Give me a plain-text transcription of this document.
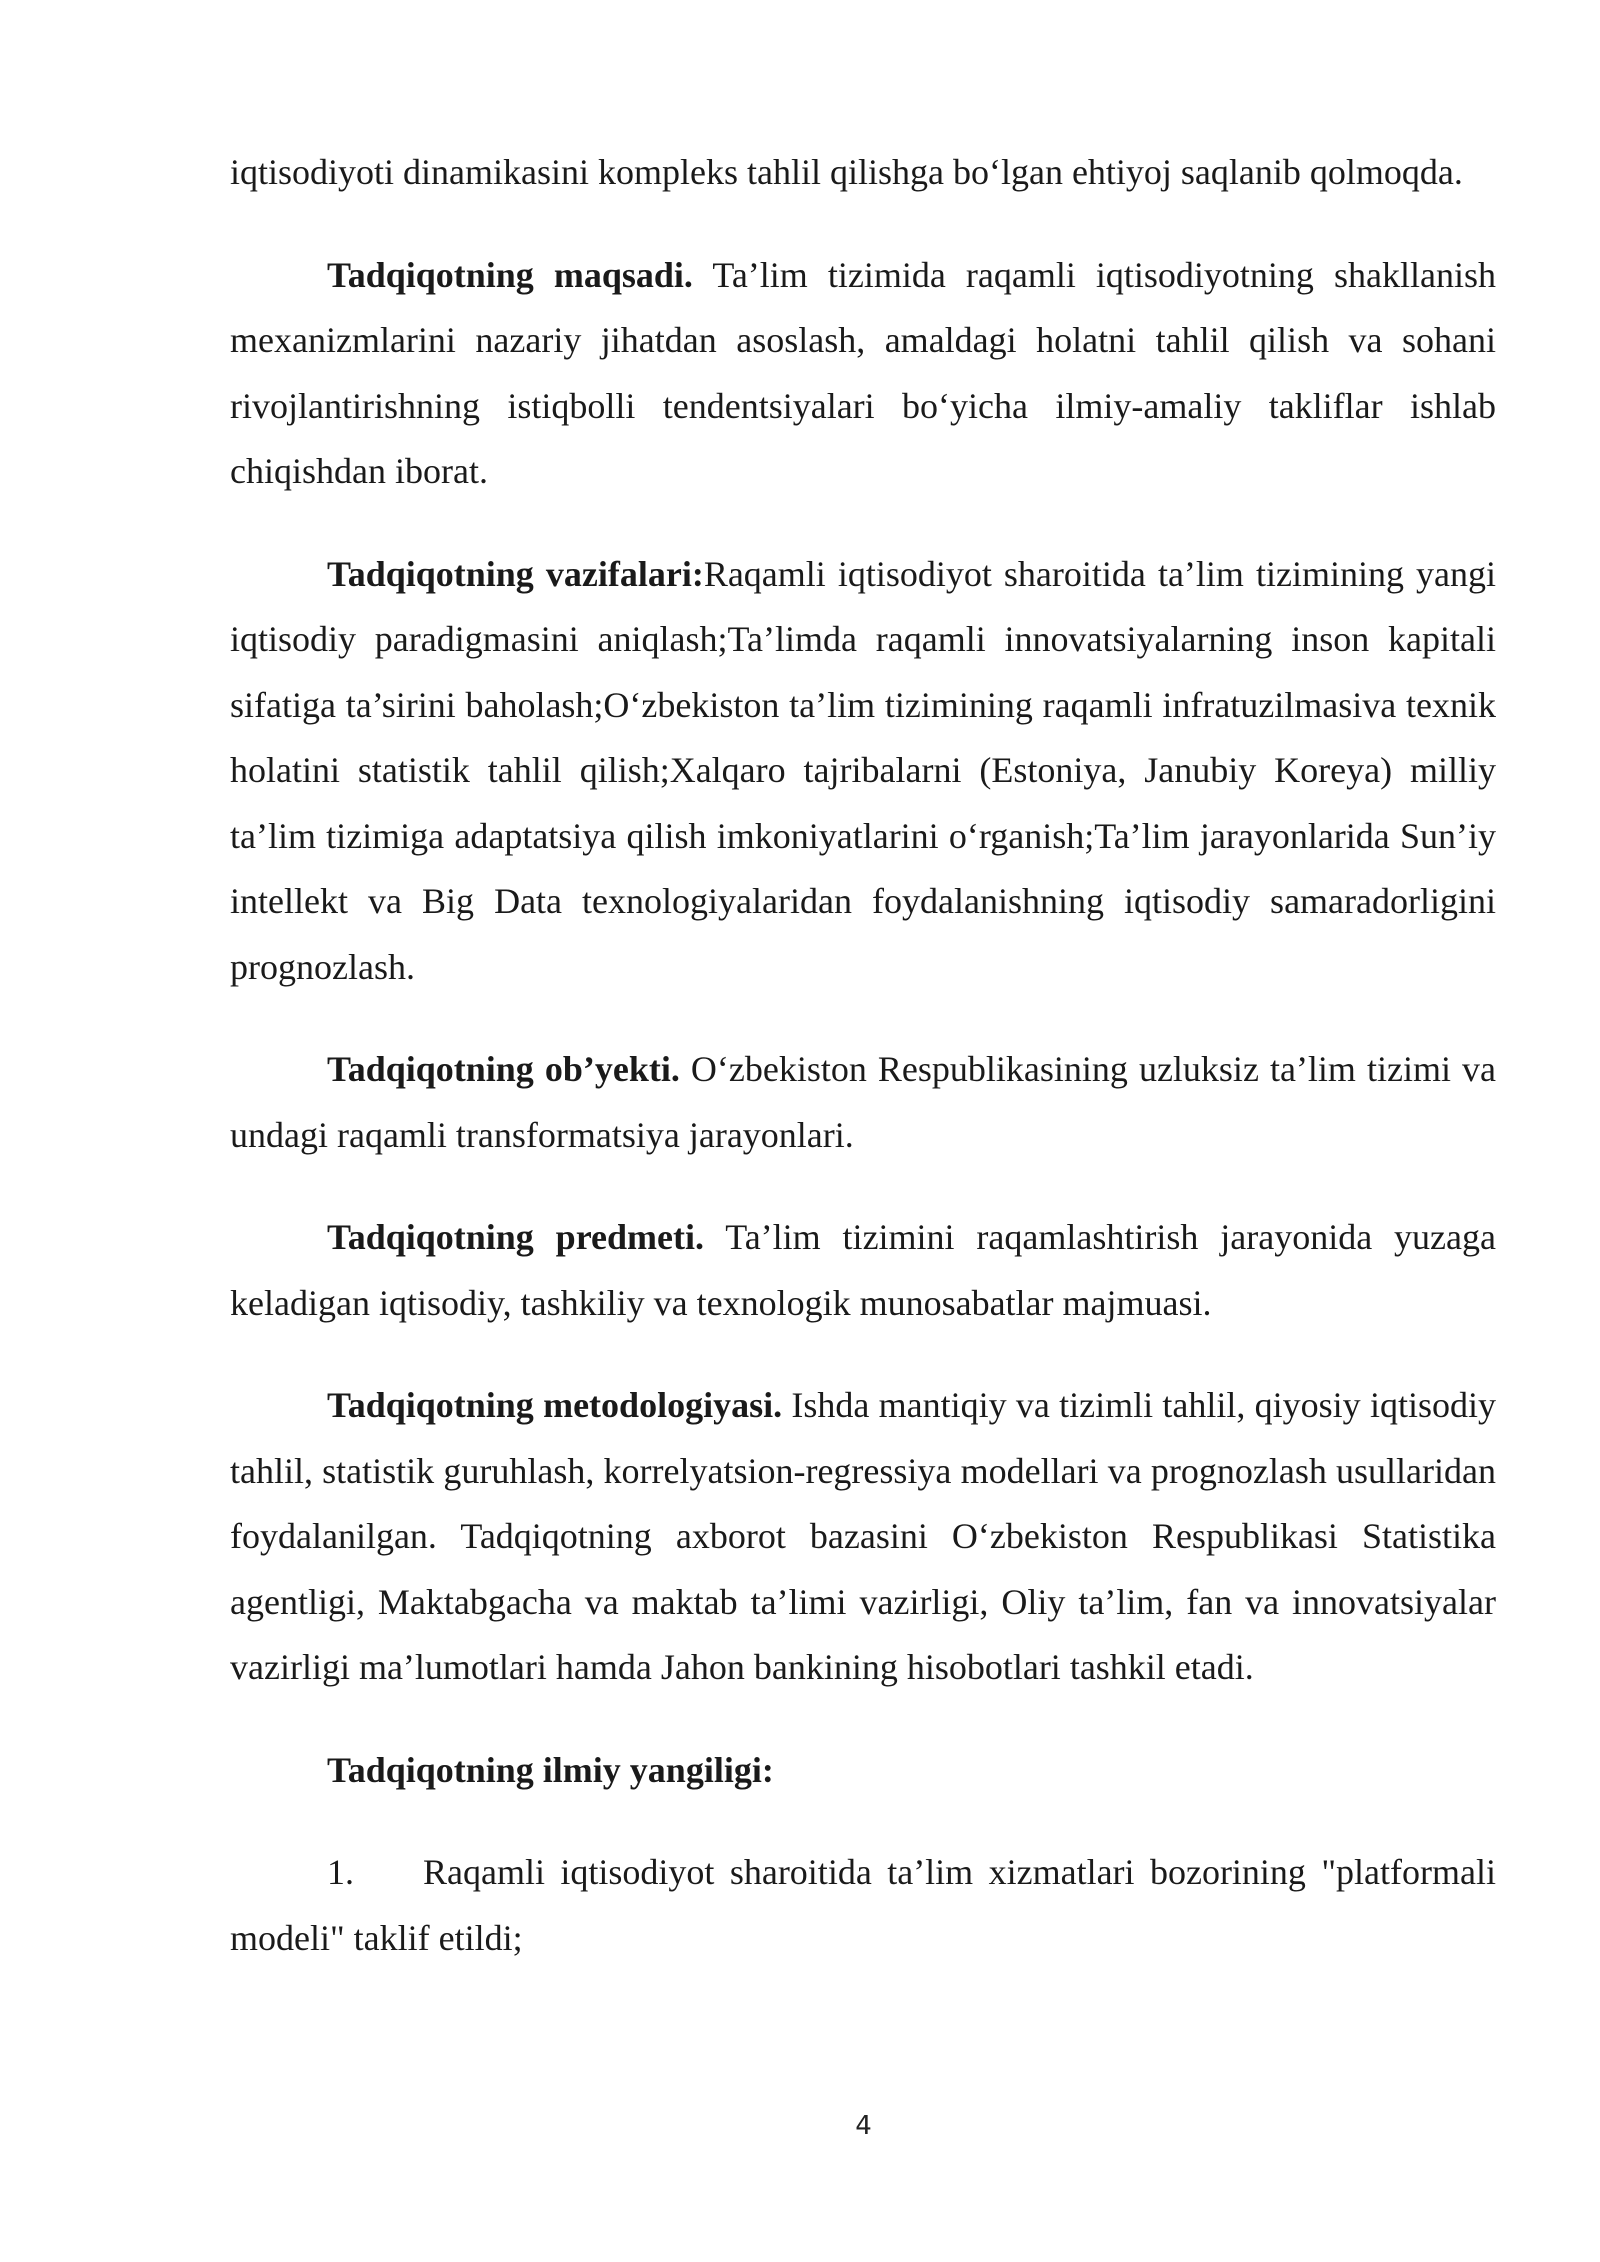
iqtisodiyoti dinamikasini kompleks tahlil qilishga bo‘lgan ehtiyoj saqlanib qolmoqda.

Tadqiqotning maqsadi. Ta’lim tizimida raqamli iqtisodiyotning shakllanish mexanizmlarini nazariy jihatdan asoslash, amaldagi holatni tahlil qilish va sohani rivojlantirishning istiqbolli tendentsiyalari bo‘yicha ilmiy-amaliy takliflar ishlab chiqishdan iborat.

Tadqiqotning vazifalari:Raqamli iqtisodiyot sharoitida ta’lim tizimining yangi iqtisodiy paradigmasini aniqlash;Ta’limda raqamli innovatsiyalarning inson kapitali sifatiga ta’sirini baholash;O‘zbekiston ta’lim tizimining raqamli infratuzilmasiva texnik holatini statistik tahlil qilish;Xalqaro tajribalarni (Estoniya, Janubiy Koreya) milliy ta’lim tizimiga adaptatsiya qilish imkoniyatlarini o‘rganish;Ta’lim jarayonlarida Sun’iy intellekt va Big Data texnologiyalaridan foydalanishning iqtisodiy samaradorligini prognozlash.

Tadqiqotning ob’yekti. O‘zbekiston Respublikasining uzluksiz ta’lim tizimi va undagi raqamli transformatsiya jarayonlari.

Tadqiqotning predmeti. Ta’lim tizimini raqamlashtirish jarayonida yuzaga keladigan iqtisodiy, tashkiliy va texnologik munosabatlar majmuasi.

Tadqiqotning metodologiyasi. Ishda mantiqiy va tizimli tahlil, qiyosiy iqtisodiy tahlil, statistik guruhlash, korrelyatsion-regressiya modellari va prognozlash usullaridan foydalanilgan. Tadqiqotning axborot bazasini O‘zbekiston Respublikasi Statistika agentligi, Maktabgacha va maktab ta’limi vazirligi, Oliy ta’lim, fan va innovatsiyalar vazirligi ma’lumotlari hamda Jahon bankining hisobotlari tashkil etadi.

Tadqiqotning ilmiy yangiligi:

1. Raqamli iqtisodiyot sharoitida ta’lim xizmatlari bozorining "platformali modeli" taklif etildi;

4
